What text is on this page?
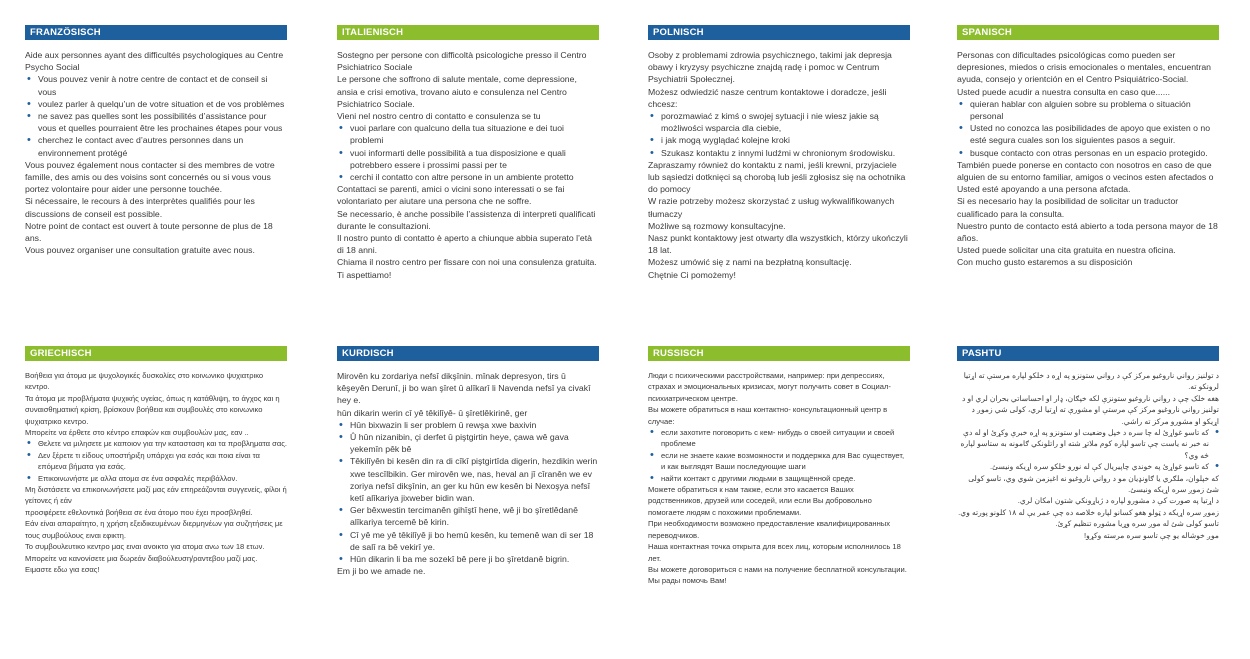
FRANZÖSISCH

Aide aux personnes ayant des difficultés psychologiques au Centre Psycho Social

• Vous pouvez venir à notre centre de contact et de conseil si vous
• voulez parler à quelqu’un de votre situation et de vos problèmes
• ne savez pas quelles sont les possibilités d’assistance pour vous et quelles pourraient être les prochaines étapes pour vous
• cherchez le contact avec d’autres personnes dans un environnement protégé

Vous pouvez également nous contacter si des membres de votre famille, des amis ou des voisins sont concernés ou si vous vous portez volontaire pour aider une personne touchée.

Si nécessaire, le recours à des interprètes qualifiés pour les discussions de conseil est possible.

Notre point de contact est ouvert à toute personne de plus de 18 ans.

Vous pouvez organiser une consultation gratuite avec nous.

ITALIENISCH

Sostegno per persone con difficoltà psicologiche presso il Centro Psichiatrico Sociale

Le persone che soffrono di salute mentale, come depressione, ansia e crisi emotiva, trovano aiuto e consulenza nel Centro Psichiatrico Sociale.

Vieni nel nostro centro di contatto e consulenza se tu

• vuoi parlare con qualcuno della tua situazione e dei tuoi problemi
• vuoi informarti delle possibilità a tua disposizione e quali potrebbero essere i prossimi passi per te
• cerchi il contatto con altre persone in un ambiente protetto

Contattaci se parenti, amici o vicini sono interessati o se fai volontariato per aiutare una persona che ne soffre.

Se necessario, è anche possibile l’assistenza di interpreti qualificati durante le consultazioni.

Il nostro punto di contatto è aperto a chiunque abbia superato l’età di 18 anni.

Chiama il nostro centro per fissare con noi una consulenza gratuita.

Ti aspettiamo!

POLNISCH

Osoby z problemami zdrowia psychicznego, takimi jak depresja obawy i kryzysy psychiczne znajdą radę i pomoc w Centrum Psychiatrii Społecznej.

Możesz odwiedzić nasze centrum kontaktowe i doradcze, jeśli chcesz:

• porozmawiać z kimś o swojej sytuacji i nie wiesz jakie są możliwości wsparcia dla ciebie,
• i jak mogą wyglądać kolejne kroki
• Szukasz kontaktu z innymi ludźmi w chronionym środowisku.

Zapraszamy również do kontaktu z nami, jeśli krewni, przyjaciele lub sąsiedzi dotknięci są chorobą lub jeśli zgłosisz się na ochotnika do pomocy

W razie potrzeby możesz skorzystać z usług wykwalifikowanych tłumaczy

Możliwe są rozmowy konsultacyjne.

Nasz punkt kontaktowy jest otwarty dla wszystkich, którzy ukończyli 18 lat.

Możesz umówić się z nami na bezpłatną konsultację.

Chętnie Ci pomożemy!

SPANISCH

Personas con dificultades psicológicas como pueden ser depresiones, miedos o crisis emocionales o mentales, encuentran ayuda, consejo y orientción en el Centro Psiquiátrico-Social.

Usted puede acudir a nuestra consulta en caso que......

• quieran hablar con alguien sobre su problema o situación personal
• Usted no conozca las posibilidades de apoyo que existen o no esté segura cuales son los siguientes pasos a seguir.
• busque contacto con otras personas en un espacio protegido.

También puede ponerse en contacto con nosotros en caso de que alguien de su entorno familiar, amigos o vecinos esten afectados o Usted esté apoyando a una persona afctada.

Si es necesario hay la posibilidad de solicitar un traductor cualificado para la consulta.

Nuestro punto de contacto está abierto a toda persona mayor de 18 años.

Usted puede solicitar una cita gratuita en nuestra oficina.

Con mucho gusto estaremos a su disposición

GRIECHISCH

Βοήθεια για άτομα με ψυχολογικές δυσκολίες στο κοινωνικο ψυχιατρικο κεντρο.

Τα άτομα με προβλήματα ψυχικής υγείας, όπως η κατάθλιψη, το άγχος και η συναισθηματική κρίση, βρίσκουν βοήθεια και συμβουλές στο κοινωνικο ψυχιατρικο κεντρο.

Μπορείτε να έρθετε στο κέντρο επαφών και συμβουλών μας, εαν ..

• Θελετε να μιλησετε με καποιον για την κατασταση και τα προβληματα σας.
• Δεν ξέρετε τι είδους υποστήριξη υπάρχει για εσάς και ποια είναι τα επόμενα βήματα για εσάς.
• Επικοινωνήστε με αλλα ατομα σε ένα ασφαλές περιβάλλον.

Μη διστάσετε να επικοινωνήσετε μαζί μας εάν επηρεάζονται συγγενείς, φίλοι ή γείτονες ή εάν

προσφέρετε εθελοντικά βοήθεια σε ένα άτομο που έχει προσβληθεί.

Εάν είναι απαραίτητο, η χρήση εξειδικευμένων διερμηνέων για συζητήσεις με τους συμβούλους ειναι εφικτη.

Το συμβουλευτικο κεντρο μας ειναι ανοικτο για ατομα ανω των 18 ετων.

Μπορείτε να κανονίσετε μια δωρεάν διαβούλευση/ραντεβου μαζί μας.

Ειμαστε εδω για εσας!

KURDISCH

Mirovên ku zordariya nefsî dikşînin. mînak depresyon, tirs û kêşeyên Derunî, ji bo wan şîret û alîkarî li Navenda nefsî ya civakî hey e.

hûn dikarin werin cî yê têkilîyê- û şîretlêkirinê, ger

• Hûn bixwazin li ser problem û rewşa xwe baxivin
• Û hûn nizanibin, çi derfet û piştgirtin heye, çawa wê gava yekemîn pêk bê
• Têkilîyên bi kesên din ra di cîkî piştgirtîda digerin, hezdikin werin xwe tescîlbikin. Ger mirovên we, nas, heval an jî cîranên we ev zoriya nefsî dikşînin, an ger ku hûn ew kesên bi Nexoşya nefsî ketî alîkariya jixweber bidin wan.
• Ger bêxwestin tercimanên gihîştî hene, wê ji bo şîretlêdanê alîkariya tercemê bê kirin.
• Cî yê me yê têkilîyê ji bo hemû kesên, ku temenê wan di ser 18 de salî ra bê vekirî ye.
• Hûn dikarin li ba me sozekî bê pere ji bo şîretdanê bigrin.

Em ji bo we amade ne.

RUSSISCH

Люди с психическими расстройствами, например: при депрессиях, страхах и эмоциональных кризисах, могут получить совет в Социал- психиатрическом центре.

Вы можете обратиться в наш контактно- консультационный центр в случае:

• если захотите поговорить с кем- нибудь о своей ситуации и своей проблеме
• если не знаете какие возможности и поддержка для Вас существует, и как выглядят Ваши последующие шаги
• найти контакт с другими людьми в защищённой среде.

Можете обратиться к нам также, если это касается Ваших родственников, друзей или соседей, или если Вы добровольно помогаете людям с похожими проблемами.

При необходимости возможно предоставление квалифицированных переводчиков.

Наша контактная точка открыта для всех лиц, которым исполнилось 18 лет.

Вы можете договориться с нами на получение бесплатной консультации.

Мы рады помочь Вам!

PASHTU

د تولنيز رواني ناروغيو مرکز کې د رواني ستونزو په اړه د خلکو لپاره مرستې ته اړتيا لرونکو ته.

هغه خلک چې د رواني ناروغيو ستونزې لکه خپګان، ډار او احساساتي بحران لري او د تولنيز رواني ناروغيو مرکز کې مرستې او مشورې ته اړتيا لري، کولی شي زموږ د اړيکو او مشورو مرکز ته راشي.

• که تاسو غواړئ له چا سره د خپل وضعيت او ستونزو په اړه خبرې وکړئ او له دې نه خبر نه ياست چې تاسو لپاره کوم ملاتړ شته او راتلونکي ګامونه به ستاسو لپاره څه وي؟
• که تاسو غواړئ په خوندي چاپيريال کې له نورو خلکو سره اړيکه ونيسئ.

که خپلوان، ملګري يا ګاونډيان مو د رواني ناروغيو نه اغېزمن شوي وي، تاسو کولی شئ زموږ سره اړيکه ونيسئ.

د اړتيا په صورت کې د مشورو لپاره د ژباړونکي شتون امکان لري.

زموږ سره اړيکه د ټولو هغو کسانو لپاره خلاصه ده چې عمر يې له ۱۸ کلونو پورته وي.

تاسو کولی شئ له موږ سره وړيا مشوره تنظيم کړئ.

موږ خوشاله يو چې تاسو سره مرسته وکړو!
